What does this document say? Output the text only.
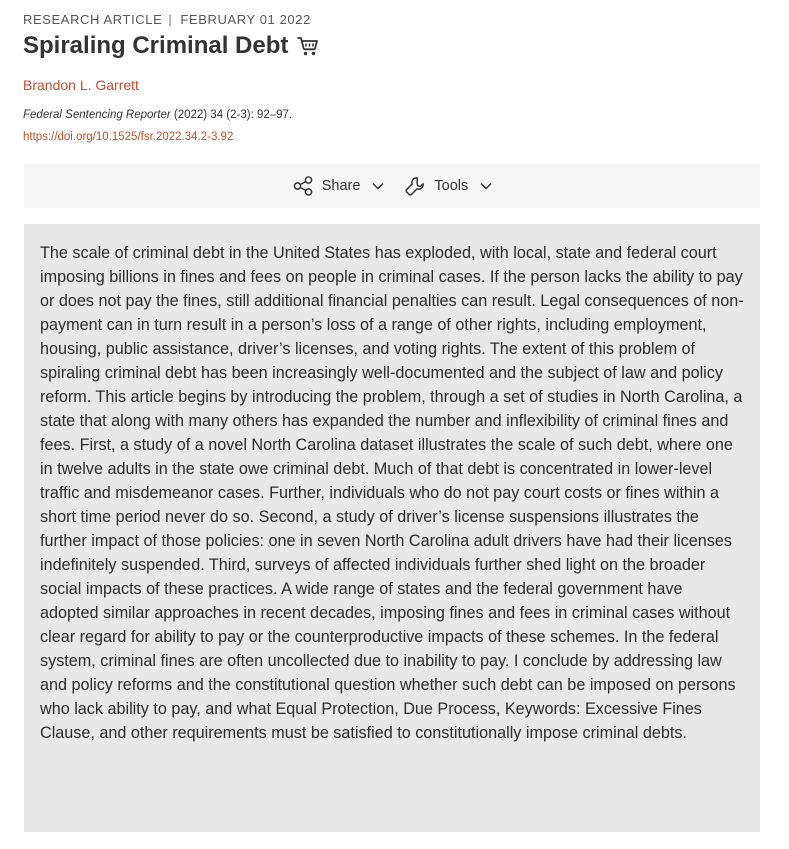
RESEARCH ARTICLE | FEBRUARY 01 2022
Spiraling Criminal Debt
Brandon L. Garrett
Federal Sentencing Reporter (2022) 34 (2-3): 92–97.
https://doi.org/10.1525/fsr.2022.34.2-3.92
Share	Tools

The scale of criminal debt in the United States has exploded, with local, state and federal court imposing billions in fines and fees on people in criminal cases. If the person lacks the ability to pay or does not pay the fines, still additional financial penalties can result. Legal consequences of non-payment can in turn result in a person’s loss of a range of other rights, including employment, housing, public assistance, driver’s licenses, and voting rights. The extent of this problem of spiraling criminal debt has been increasingly well-documented and the subject of law and policy reform. This article begins by introducing the problem, through a set of studies in North Carolina, a state that along with many others has expanded the number and inflexibility of criminal fines and fees. First, a study of a novel North Carolina dataset illustrates the scale of such debt, where one in twelve adults in the state owe criminal debt. Much of that debt is concentrated in lower-level traffic and misdemeanor cases. Further, individuals who do not pay court costs or fines within a short time period never do so. Second, a study of driver’s license suspensions illustrates the further impact of those policies: one in seven North Carolina adult drivers have had their licenses indefinitely suspended. Third, surveys of affected individuals further shed light on the broader social impacts of these practices. A wide range of states and the federal government have adopted similar approaches in recent decades, imposing fines and fees in criminal cases without clear regard for ability to pay or the counterproductive impacts of these schemes. In the federal system, criminal fines are often uncollected due to inability to pay. I conclude by addressing law and policy reforms and the constitutional question whether such debt can be imposed on persons who lack ability to pay, and what Equal Protection, Due Process, Keywords: Excessive Fines Clause, and other requirements must be satisfied to constitutionally impose criminal debts.
